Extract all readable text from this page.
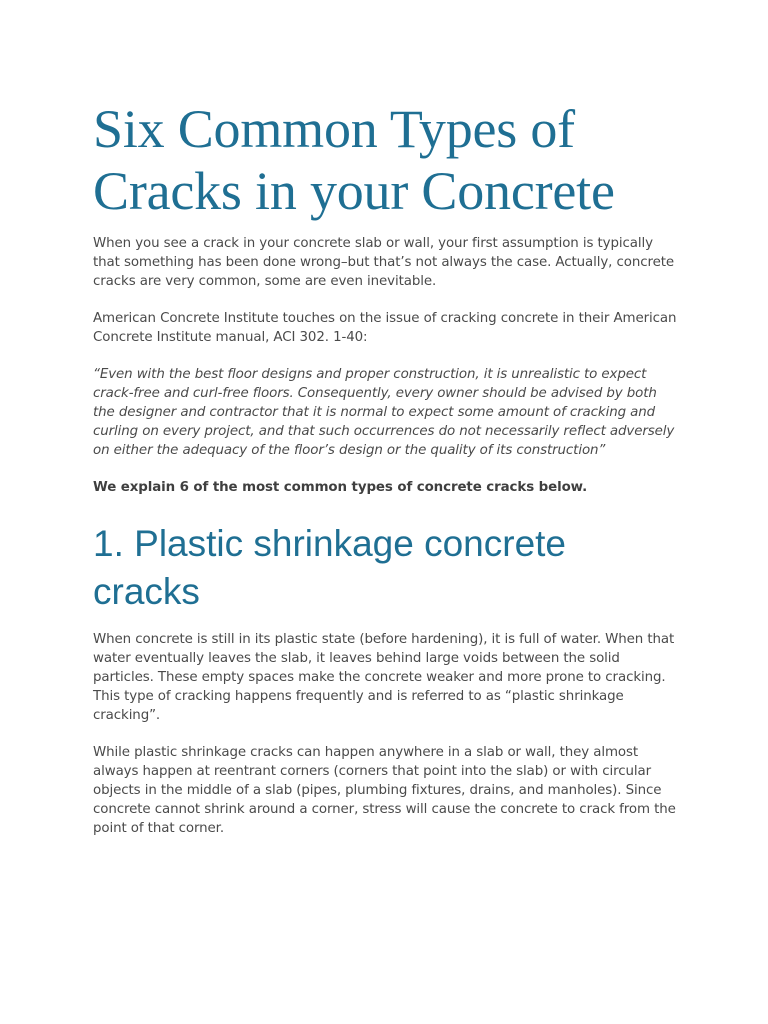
Six Common Types of Cracks in your Concrete

When you see a crack in your concrete slab or wall, your first assumption is typically that something has been done wrong–but that’s not always the case. Actually, concrete cracks are very common, some are even inevitable.

American Concrete Institute touches on the issue of cracking concrete in their American Concrete Institute manual, ACI 302. 1-40:

“Even with the best floor designs and proper construction, it is unrealistic to expect crack-free and curl-free floors. Consequently, every owner should be advised by both the designer and contractor that it is normal to expect some amount of cracking and curling on every project, and that such occurrences do not necessarily reflect adversely on either the adequacy of the floor’s design or the quality of its construction”

We explain 6 of the most common types of concrete cracks below.

1. Plastic shrinkage concrete cracks

When concrete is still in its plastic state (before hardening), it is full of water. When that water eventually leaves the slab, it leaves behind large voids between the solid particles. These empty spaces make the concrete weaker and more prone to cracking. This type of cracking happens frequently and is referred to as “plastic shrinkage cracking”.

While plastic shrinkage cracks can happen anywhere in a slab or wall, they almost always happen at reentrant corners (corners that point into the slab) or with circular objects in the middle of a slab (pipes, plumbing fixtures, drains, and manholes). Since concrete cannot shrink around a corner, stress will cause the concrete to crack from the point of that corner.
